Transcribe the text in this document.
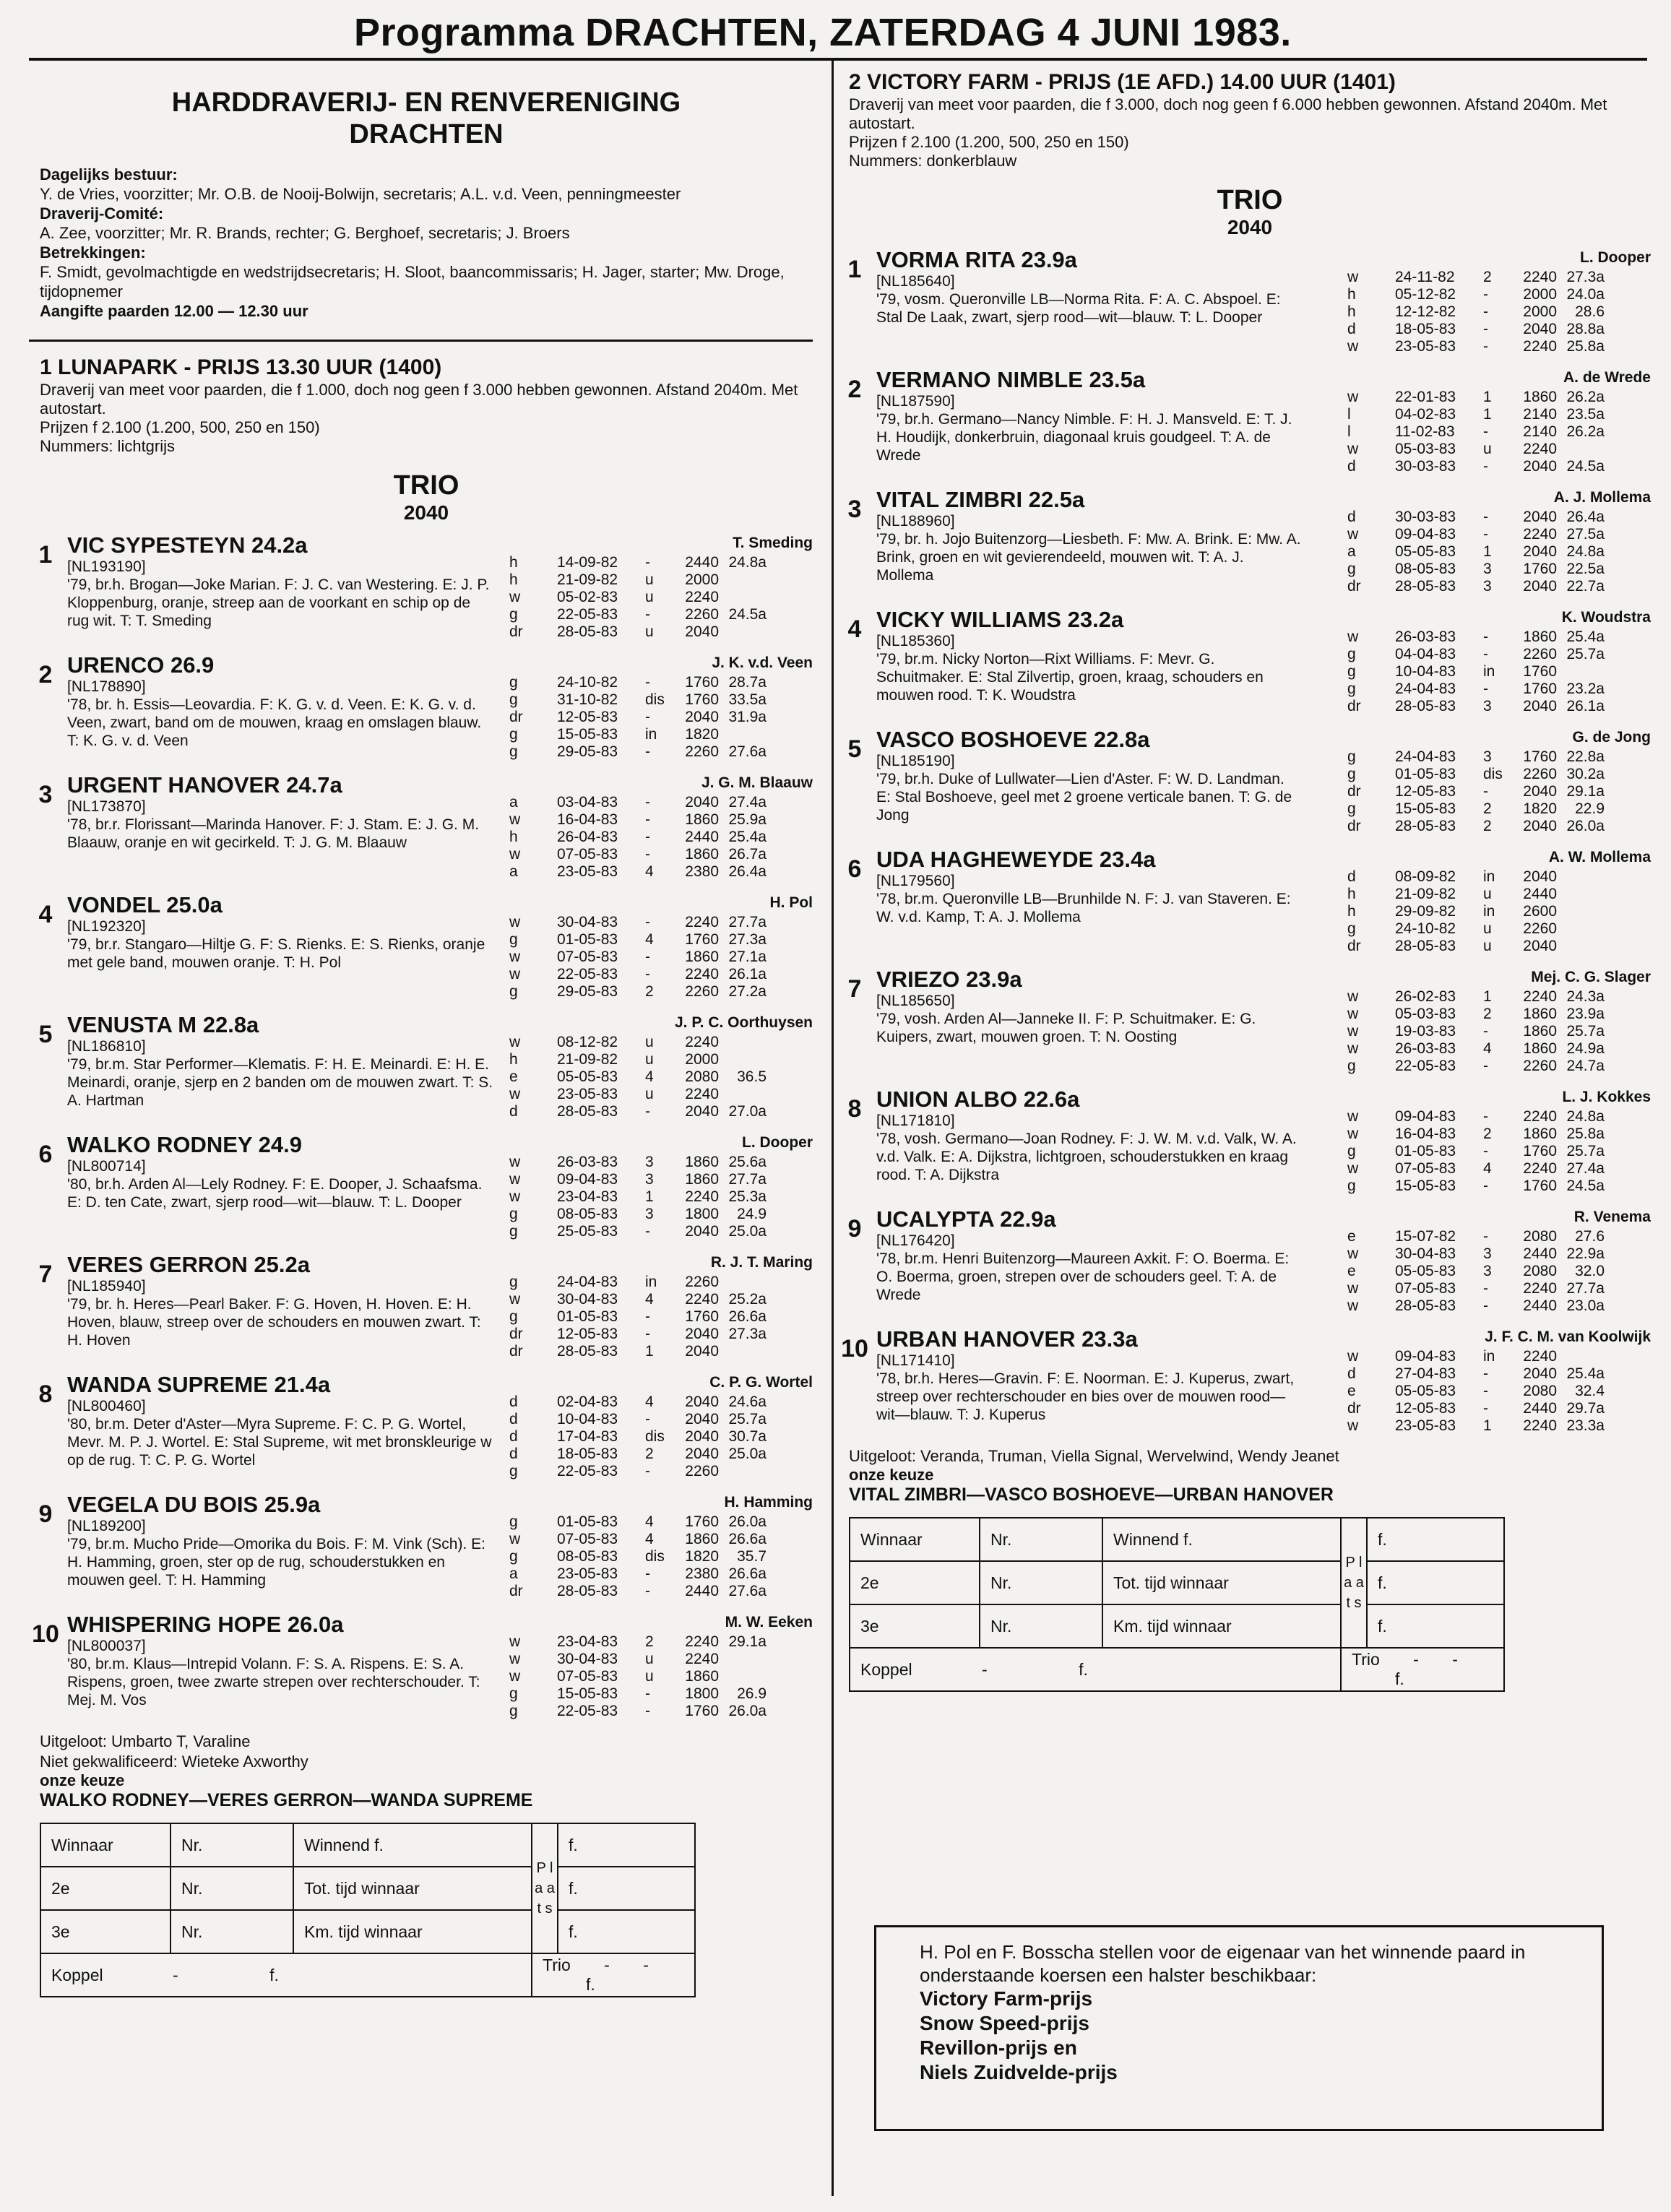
Programma DRACHTEN, ZATERDAG 4 JUNI 1983.
HARDDRAVERIJ- EN RENVERENIGING
DRACHTEN
Dagelijks bestuur:
Y. de Vries, voorzitter; Mr. O.B. de Nooij-Bolwijn, secretaris; A.L. v.d. Veen, penningmeester
Draverij-Comité:
A. Zee, voorzitter; Mr. R. Brands, rechter; G. Berghoef, secretaris; J. Broers
Betrekkingen:
F. Smidt, gevolmachtigde en wedstrijdsecretaris; H. Sloot, baancommissaris; H. Jager, starter; Mw. Droge, tijdopnemer
Aangifte paarden 12.00 — 12.30 uur
1 LUNAPARK - PRIJS 13.30 UUR (1400)
Draverij van meet voor paarden, die f 1.000, doch nog geen f 3.000 hebben gewonnen. Afstand 2040m. Met autostart.
Prijzen f 2.100 (1.200, 500, 250 en 150)
Nummers: lichtgrijs
TRIO
2040
1 VIC SYPESTEYN 24.2a
[NL193190]
'79, br.h. Brogan—Joke Marian. F: J. C. van Westering. E: J. P. Kloppenburg, oranje, streep aan de voorkant en schip op de rug wit. T: T. Smeding
T. Smeding
h	14-09-82	-	2440	24.8a
h	21-09-82	u	2000	
w	05-02-83	u	2240	
g	22-05-83	-	2260	24.5a
dr	28-05-83	u	2040	
2 URENCO 26.9
[NL178890]
'78, br. h. Essis—Leovardia. F: K. G. v. d. Veen. E: K. G. v. d. Veen, zwart, band om de mouwen, kraag en omslagen blauw. T: K. G. v. d. Veen
J. K. v.d. Veen
g	24-10-82	-	1760	28.7a
g	31-10-82	dis	1760	33.5a
dr	12-05-83	-	2040	31.9a
g	15-05-83	in	1820	
g	29-05-83	-	2260	27.6a
3 URGENT HANOVER 24.7a
[NL173870]
'78, br.r. Florissant—Marinda Hanover. F: J. Stam. E: J. G. M. Blaauw, oranje en wit gecirkeld. T: J. G. M. Blaauw
J. G. M. Blaauw
a	03-04-83	-	2040	27.4a
w	16-04-83	-	1860	25.9a
h	26-04-83	-	2440	25.4a
w	07-05-83	-	1860	26.7a
a	23-05-83	4	2380	26.4a
4 VONDEL 25.0a
[NL192320]
'79, br.r. Stangaro—Hiltje G. F: S. Rienks. E: S. Rienks, oranje met gele band, mouwen oranje. T: H. Pol
H. Pol
w	30-04-83	-	2240	27.7a
g	01-05-83	4	1760	27.3a
w	07-05-83	-	1860	27.1a
w	22-05-83	-	2240	26.1a
g	29-05-83	2	2260	27.2a
5 VENUSTA M 22.8a
[NL186810]
'79, br.m. Star Performer—Klematis. F: H. E. Meinardi. E: H. E. Meinardi, oranje, sjerp en 2 banden om de mouwen zwart. T: S. A. Hartman
J. P. C. Oorthuysen
w	08-12-82	u	2240	
h	21-09-82	u	2000	
e	05-05-83	4	2080	36.5
w	23-05-83	u	2240	
d	28-05-83	-	2040	27.0a
6 WALKO RODNEY 24.9
[NL800714]
'80, br.h. Arden Al—Lely Rodney. F: E. Dooper, J. Schaafsma. E: D. ten Cate, zwart, sjerp rood—wit—blauw. T: L. Dooper
L. Dooper
w	26-03-83	3	1860	25.6a
w	09-04-83	3	1860	27.7a
w	23-04-83	1	2240	25.3a
g	08-05-83	3	1800	24.9
g	25-05-83	-	2040	25.0a
7 VERES GERRON 25.2a
[NL185940]
'79, br. h. Heres—Pearl Baker. F: G. Hoven, H. Hoven. E: H. Hoven, blauw, streep over de schouders en mouwen zwart. T: H. Hoven
R. J. T. Maring
g	24-04-83	in	2260	
w	30-04-83	4	2240	25.2a
g	01-05-83	-	1760	26.6a
dr	12-05-83	-	2040	27.3a
dr	28-05-83	1	2040	
8 WANDA SUPREME 21.4a
[NL800460]
'80, br.m. Deter d'Aster—Myra Supreme. F: C. P. G. Wortel, Mevr. M. P. J. Wortel. E: Stal Supreme, wit met bronskleurige w op de rug. T: C. P. G. Wortel
C. P. G. Wortel
d	02-04-83	4	2040	24.6a
d	10-04-83	-	2040	25.7a
d	17-04-83	dis	2040	30.7a
d	18-05-83	2	2040	25.0a
g	22-05-83	-	2260	
9 VEGELA DU BOIS 25.9a
[NL189200]
'79, br.m. Mucho Pride—Omorika du Bois. F: M. Vink (Sch). E: H. Hamming, groen, ster op de rug, schouderstukken en mouwen geel. T: H. Hamming
H. Hamming
g	01-05-83	4	1760	26.0a
w	07-05-83	4	1860	26.6a
g	08-05-83	dis	1820	35.7
a	23-05-83	-	2380	26.6a
dr	28-05-83	-	2440	27.6a
10 WHISPERING HOPE 26.0a
[NL800037]
'80, br.m. Klaus—Intrepid Volann. F: S. A. Rispens. E: S. A. Rispens, groen, twee zwarte strepen over rechterschouder. T: Mej. M. Vos
M. W. Eeken
w	23-04-83	2	2240	29.1a
w	30-04-83	u	2240	
w	07-05-83	u	1860	
g	15-05-83	-	1800	26.9
g	22-05-83	-	1760	26.0a
Uitgeloot: Umbarto T, Varaline
Niet gekwalificeerd: Wieteke Axworthy
onze keuze
WALKO RODNEY—VERES GERRON—WANDA SUPREME
Winnaar	Nr.	Winnend f.	P l a a t s	f.
2e	Nr.	Tot. tijd winnaar		f.
3e	Nr.	Km. tijd winnaar		f.
Koppel - f.			Trio - - f.	
2 VICTORY FARM - PRIJS (1E AFD.) 14.00 UUR (1401)
Draverij van meet voor paarden, die f 3.000, doch nog geen f 6.000 hebben gewonnen. Afstand 2040m. Met autostart.
Prijzen f 2.100 (1.200, 500, 250 en 150)
Nummers: donkerblauw
TRIO
2040
1 VORMA RITA 23.9a
[NL185640]
'79, vosm. Queronville LB—Norma Rita. F: A. C. Abspoel. E: Stal De Laak, zwart, sjerp rood—wit—blauw. T: L. Dooper
L. Dooper
w	24-11-82	2	2240	27.3a
h	05-12-82	-	2000	24.0a
h	12-12-82	-	2000	28.6
d	18-05-83	-	2040	28.8a
w	23-05-83	-	2240	25.8a
2 VERMANO NIMBLE 23.5a
[NL187590]
'79, br.h. Germano—Nancy Nimble. F: H. J. Mansveld. E: T. J. H. Houdijk, donkerbruin, diagonaal kruis goudgeel. T: A. de Wrede
A. de Wrede
w	22-01-83	1	1860	26.2a
l	04-02-83	1	2140	23.5a
l	11-02-83	-	2140	26.2a
w	05-03-83	u	2240	
d	30-03-83	-	2040	24.5a
3 VITAL ZIMBRI 22.5a
[NL188960]
'79, br. h. Jojo Buitenzorg—Liesbeth. F: Mw. A. Brink. E: Mw. A. Brink, groen en wit gevierendeeld, mouwen wit. T: A. J. Mollema
A. J. Mollema
d	30-03-83	-	2040	26.4a
w	09-04-83	-	2240	27.5a
a	05-05-83	1	2040	24.8a
g	08-05-83	3	1760	22.5a
dr	28-05-83	3	2040	22.7a
4 VICKY WILLIAMS 23.2a
[NL185360]
'79, br.m. Nicky Norton—Rixt Williams. F: Mevr. G. Schuitmaker. E: Stal Zilvertip, groen, kraag, schouders en mouwen rood. T: K. Woudstra
K. Woudstra
w	26-03-83	-	1860	25.4a
g	04-04-83	-	2260	25.7a
g	10-04-83	in	1760	
g	24-04-83	-	1760	23.2a
dr	28-05-83	3	2040	26.1a
5 VASCO BOSHOEVE 22.8a
[NL185190]
'79, br.h. Duke of Lullwater—Lien d'Aster. F: W. D. Landman. E: Stal Boshoeve, geel met 2 groene verticale banen. T: G. de Jong
G. de Jong
g	24-04-83	3	1760	22.8a
g	01-05-83	dis	2260	30.2a
dr	12-05-83	-	2040	29.1a
g	15-05-83	2	1820	22.9
dr	28-05-83	2	2040	26.0a
6 UDA HAGHEWEYDE 23.4a
[NL179560]
'78, br.m. Queronville LB—Brunhilde N. F: J. van Staveren. E: W. v.d. Kamp, T: A. J. Mollema
A. W. Mollema
d	08-09-82	in	2040	
h	21-09-82	u	2440	
h	29-09-82	in	2600	
g	24-10-82	u	2260	
dr	28-05-83	u	2040	
7 VRIEZO 23.9a
[NL185650]
'79, vosh. Arden Al—Janneke II. F: P. Schuitmaker. E: G. Kuipers, zwart, mouwen groen. T: N. Oosting
Mej. C. G. Slager
w	26-02-83	1	2240	24.3a
w	05-03-83	2	1860	23.9a
w	19-03-83	-	1860	25.7a
w	26-03-83	4	1860	24.9a
g	22-05-83	-	2260	24.7a
8 UNION ALBO 22.6a
[NL171810]
'78, vosh. Germano—Joan Rodney. F: J. W. M. v.d. Valk, W. A. v.d. Valk. E: A. Dijkstra, lichtgroen, schouderstukken en kraag rood. T: A. Dijkstra
L. J. Kokkes
w	09-04-83	-	2240	24.8a
w	16-04-83	2	1860	25.8a
g	01-05-83	-	1760	25.7a
w	07-05-83	4	2240	27.4a
g	15-05-83	-	1760	24.5a
9 UCALYPTA 22.9a
[NL176420]
'78, br.m. Henri Buitenzorg—Maureen Axkit. F: O. Boerma. E: O. Boerma, groen, strepen over de schouders geel. T: A. de Wrede
R. Venema
e	15-07-82	-	2080	27.6
w	30-04-83	3	2440	22.9a
e	05-05-83	3	2080	32.0
w	07-05-83	-	2240	27.7a
w	28-05-83	-	2440	23.0a
10 URBAN HANOVER 23.3a
[NL171410]
'78, br.h. Heres—Gravin. F: E. Noorman. E: J. Kuperus, zwart, streep over rechterschouder en bies over de mouwen rood—wit—blauw. T: J. Kuperus
J. F. C. M. van Koolwijk
w	09-04-83	in	2240	
d	27-04-83	-	2040	25.4a
e	05-05-83	-	2080	32.4
dr	12-05-83	-	2440	29.7a
w	23-05-83	1	2240	23.3a
Uitgeloot: Veranda, Truman, Viella Signal, Wervelwind, Wendy Jeanet
onze keuze
VITAL ZIMBRI—VASCO BOSHOEVE—URBAN HANOVER
Winnaar	Nr.	Winnend f.	P l a a t s	f.
2e	Nr.	Tot. tijd winnaar		f.
3e	Nr.	Km. tijd winnaar		f.
Koppel - f.			Trio - - f.	
H. Pol en F. Bosscha stellen voor de eigenaar van het winnende paard in onderstaande koersen een halster beschikbaar:
Victory Farm-prijs
Snow Speed-prijs
Revillon-prijs en
Niels Zuidvelde-prijs
